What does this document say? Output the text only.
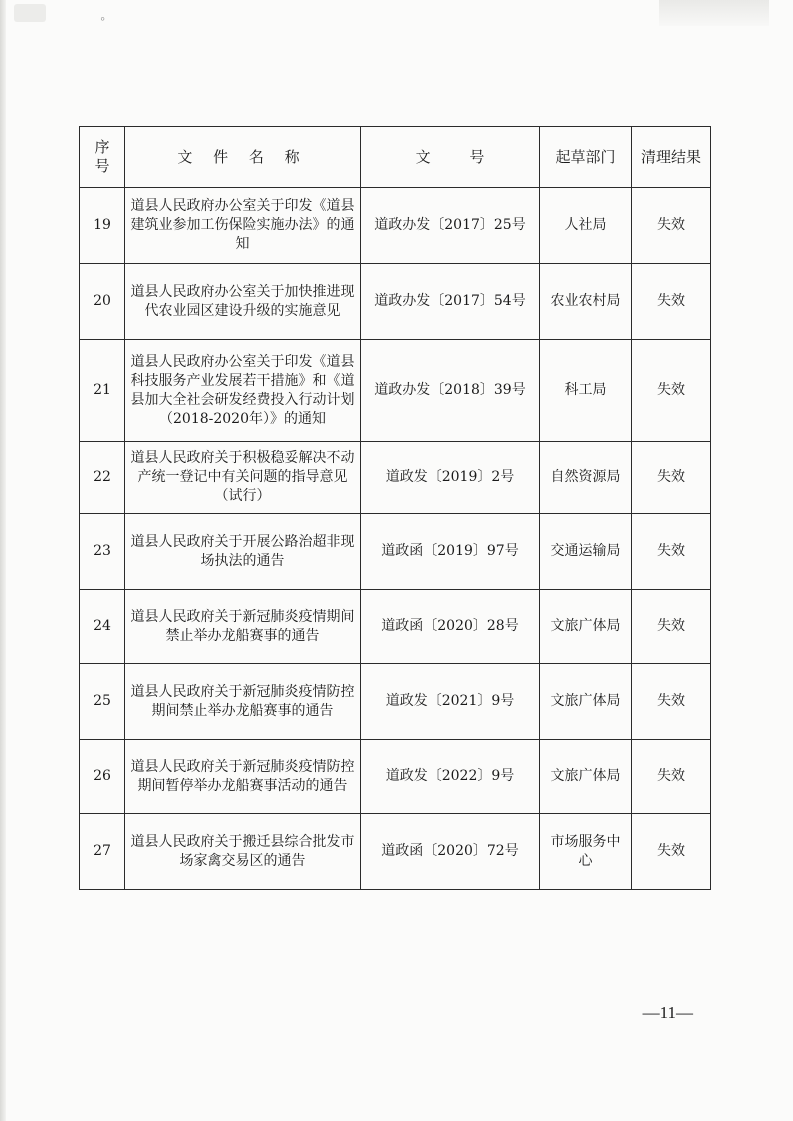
⸰
序
号	文 件 名 称	文 号	起草部门	清理结果
19	道县人民政府办公室关于印发《道县建筑业参加工伤保险实施办法》的通知	道政办发〔2017〕25号	人社局	失效
20	道县人民政府办公室关于加快推进现代农业园区建设升级的实施意见	道政办发〔2017〕54号	农业农村局	失效
21	道县人民政府办公室关于印发《道县科技服务产业发展若干措施》和《道县加大全社会研发经费投入行动计划（2018-2020年）》的通知	道政办发〔2018〕39号	科工局	失效
22	道县人民政府关于积极稳妥解决不动产统一登记中有关问题的指导意见（试行）	道政发〔2019〕2号	自然资源局	失效
23	道县人民政府关于开展公路治超非现场执法的通告	道政函〔2019〕97号	交通运输局	失效
24	道县人民政府关于新冠肺炎疫情期间禁止举办龙船赛事的通告	道政函〔2020〕28号	文旅广体局	失效
25	道县人民政府关于新冠肺炎疫情防控期间禁止举办龙船赛事的通告	道政发〔2021〕9号	文旅广体局	失效
26	道县人民政府关于新冠肺炎疫情防控期间暂停举办龙船赛事活动的通告	道政发〔2022〕9号	文旅广体局	失效
27	道县人民政府关于搬迁县综合批发市场家禽交易区的通告	道政函〔2020〕72号	市场服务中心	失效
—11—
